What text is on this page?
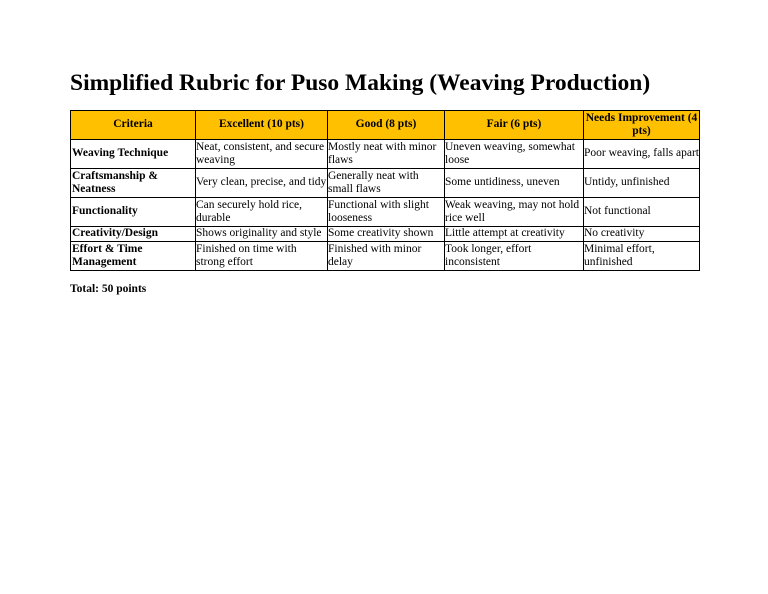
Simplified Rubric for Puso Making (Weaving Production)
Criteria	Excellent (10 pts)	Good (8 pts)	Fair (6 pts)	Needs Improvement (4 pts)
Weaving Technique	Neat, consistent, and secure weaving	Mostly neat with minor flaws	Uneven weaving, somewhat loose	Poor weaving, falls apart
Craftsmanship & Neatness	Very clean, precise, and tidy	Generally neat with small flaws	Some untidiness, uneven	Untidy, unfinished
Functionality	Can securely hold rice, durable	Functional with slight looseness	Weak weaving, may not hold rice well	Not functional
Creativity/Design	Shows originality and style	Some creativity shown	Little attempt at creativity	No creativity
Effort & Time Management	Finished on time with strong effort	Finished with minor delay	Took longer, effort inconsistent	Minimal effort, unfinished

Total: 50 points
